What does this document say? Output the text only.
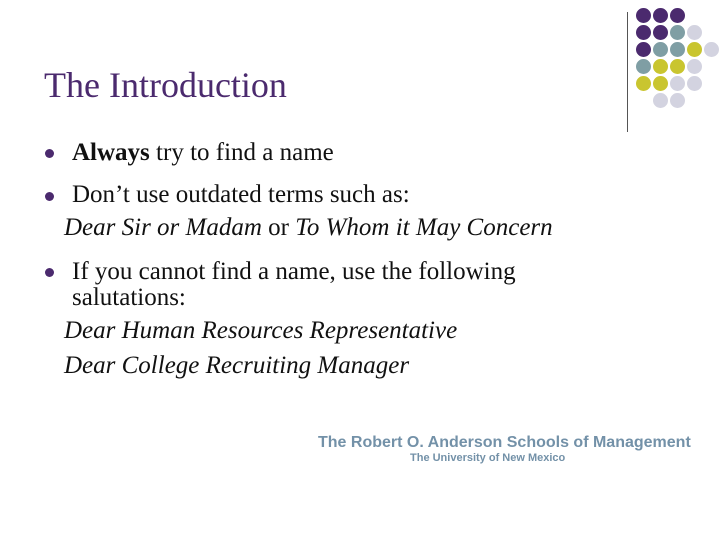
The Introduction
Always try to find a name
Don’t use outdated terms such as:
Dear Sir or Madam or To Whom it May Concern
If you cannot find a name, use the following
salutations:
Dear Human Resources Representative
Dear College Recruiting Manager
The Robert O. Anderson Schools of Management
The University of New Mexico
